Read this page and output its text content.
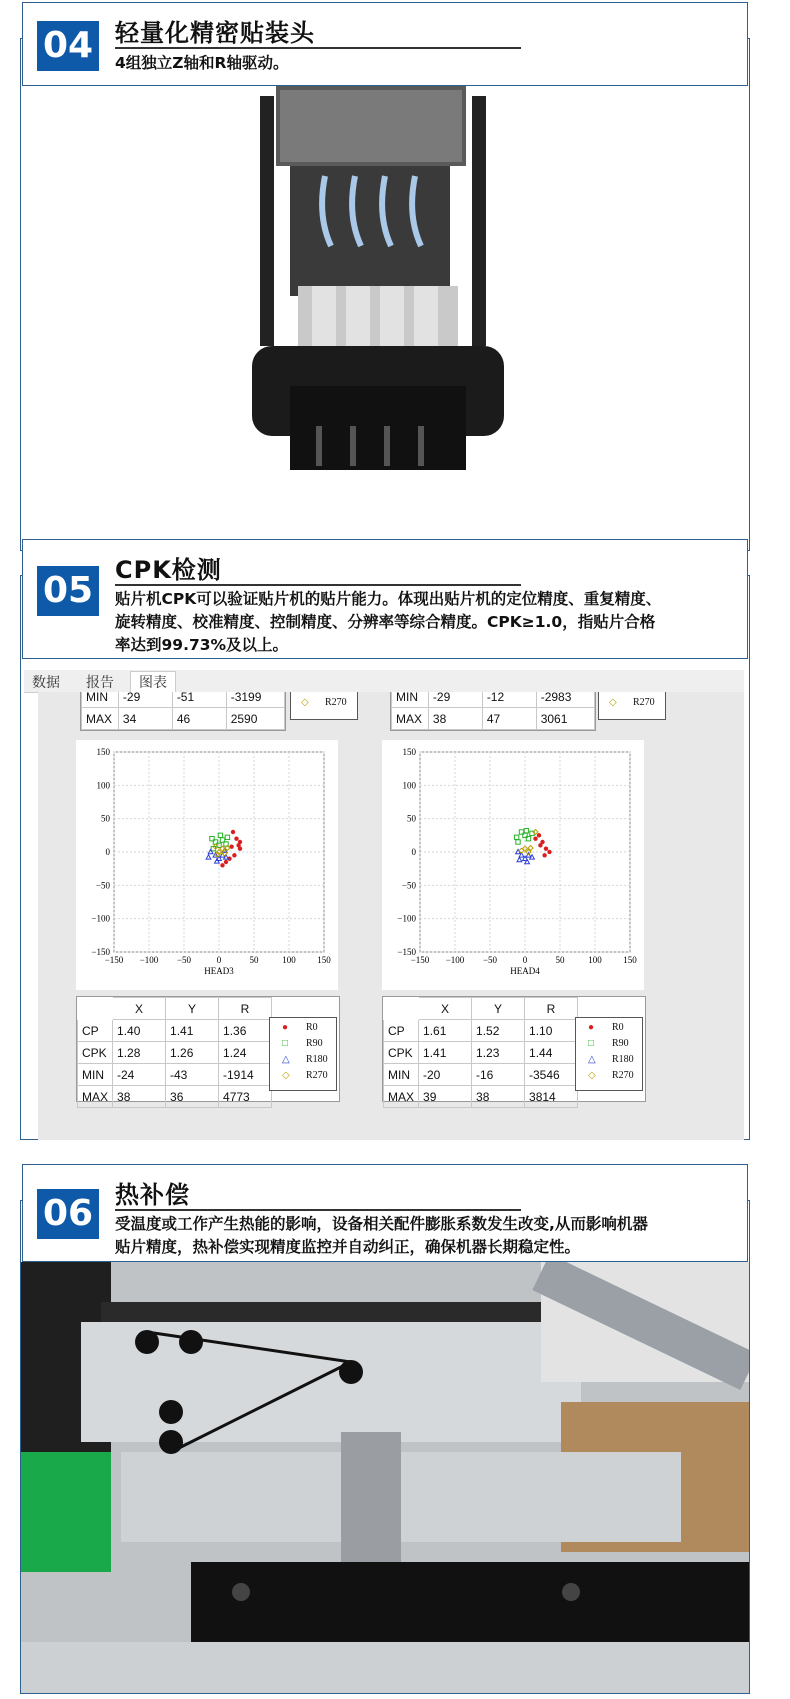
04 轻量化精密贴装头
4组独立Z轴和R轴驱动。
05 CPK检测
贴片机CPK可以验证贴片机的贴片能力。体现出贴片机的定位精度、重复精度、
旋转精度、校准精度、控制精度、分辨率等综合精度。CPK≥1.0，指贴片合格
率达到99.73%及以上。
数据 报告	图表
MIN	-29	-51	-3199
MAX	34	46	2590
◇ R270	MIN	-29	-12	-2983
MAX	38	47	3061
◇ R270
−150
150
−100
100
−50
50
0
0
50
−50
100
−100
150
−150
HEAD3
−150
150
−100
100
−50
50
0
0
50
−50
100
−100
150
−150
HEAD4
	X	Y	R
CP	1.40	1.41	1.36
CPK	1.28	1.26	1.24
MIN	-24	-43	-1914
MAX	38	36	4773
● R0
□ R90
△ R180
◇ R270
	X	Y	R
CP	1.61	1.52	1.10
CPK	1.41	1.23	1.44
MIN	-20	-16	-3546
MAX	39	38	3814
● R0
□ R90
△ R180
◇ R270
06 热补偿
受温度或工作产生热能的影响，设备相关配件膨胀系数发生改变,从而影响机器
贴片精度，热补偿实现精度监控并自动纠正，确保机器长期稳定性。
